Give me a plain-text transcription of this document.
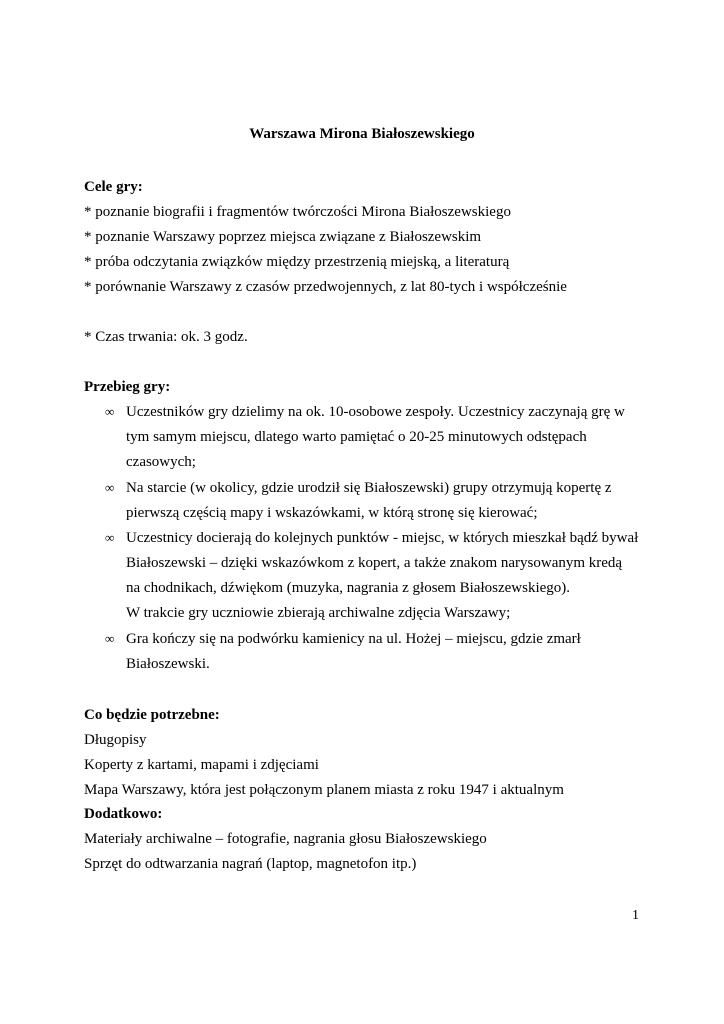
Warszawa Mirona Białoszewskiego
Cele gry:
* poznanie biografii i fragmentów twórczości Mirona Białoszewskiego
* poznanie Warszawy poprzez miejsca związane z Białoszewskim
* próba odczytania związków między przestrzenią miejską, a literaturą
* porównanie Warszawy z czasów przedwojennych, z lat 80-tych i współcześnie
* Czas trwania: ok. 3 godz.
Przebieg gry:
∞ Uczestników gry dzielimy na ok. 10-osobowe zespoły. Uczestnicy zaczynają grę w
tym samym miejscu, dlatego warto pamiętać o 20-25 minutowych odstępach
czasowych;
∞ Na starcie (w okolicy, gdzie urodził się Białoszewski) grupy otrzymują kopertę z
pierwszą częścią mapy i wskazówkami, w którą stronę się kierować;
∞ Uczestnicy docierają do kolejnych punktów - miejsc, w których mieszkał bądź bywał
Białoszewski – dzięki wskazówkom z kopert, a także znakom narysowanym kredą
na chodnikach, dźwiękom (muzyka, nagrania z głosem Białoszewskiego).
W trakcie gry uczniowie zbierają archiwalne zdjęcia Warszawy;
∞ Gra kończy się na podwórku kamienicy na ul. Hożej – miejscu, gdzie zmarł
Białoszewski.
Co będzie potrzebne:
Długopisy
Koperty z kartami, mapami i zdjęciami
Mapa Warszawy, która jest połączonym planem miasta z roku 1947 i aktualnym
Dodatkowo:
Materiały archiwalne – fotografie, nagrania głosu Białoszewskiego
Sprzęt do odtwarzania nagrań (laptop, magnetofon itp.)
1
